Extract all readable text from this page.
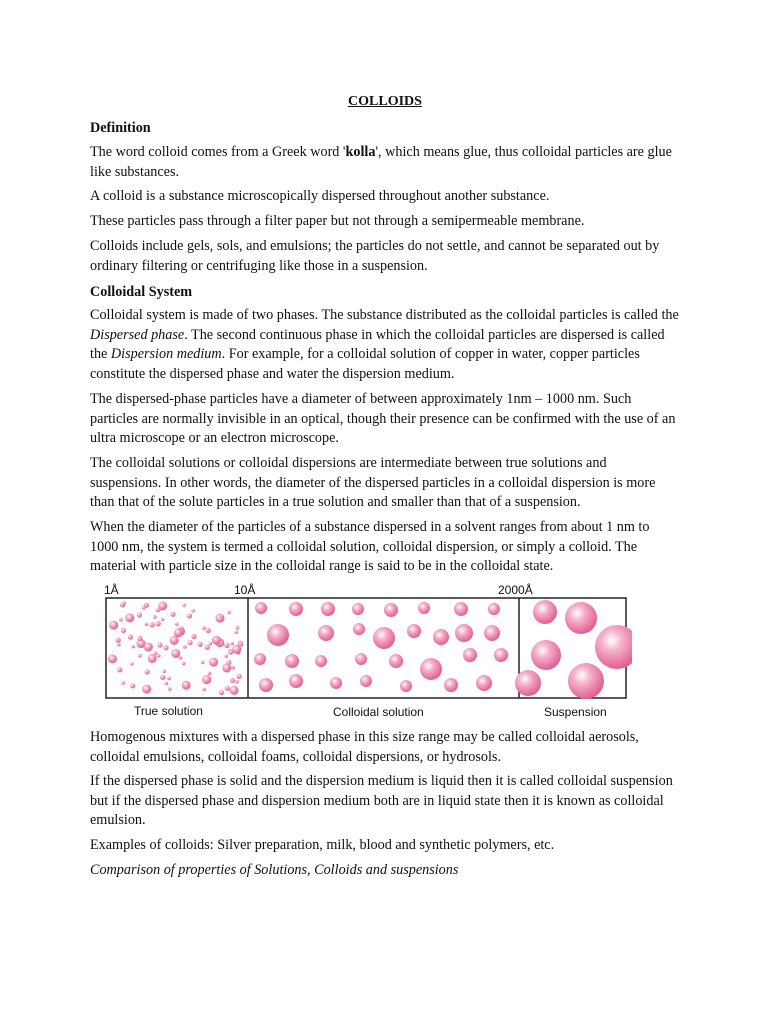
COLLOIDS
Definition

The word colloid comes from a Greek word 'kolla', which means glue, thus colloidal particles are glue like substances.

A colloid is a substance microscopically dispersed throughout another substance.

These particles pass through a filter paper but not through a semipermeable membrane.

Colloids include gels, sols, and emulsions; the particles do not settle, and cannot be separated out by ordinary filtering or centrifuging like those in a suspension.

Colloidal System

Colloidal system is made of two phases. The substance distributed as the colloidal particles is called the Dispersed phase. The second continuous phase in which the colloidal particles are dispersed is called the Dispersion medium. For example, for a colloidal solution of copper in water, copper particles constitute the dispersed phase and water the dispersion medium.

The dispersed-phase particles have a diameter of between approximately 1nm – 1000 nm. Such particles are normally invisible in an optical, though their presence can be confirmed with the use of an ultra microscope or an electron microscope.

The colloidal solutions or colloidal dispersions are intermediate between true solutions and suspensions. In other words, the diameter of the dispersed particles in a colloidal dispersion is more than that of the solute particles in a true solution and smaller than that of a suspension.

When the diameter of the particles of a substance dispersed in a solvent ranges from about 1 nm to 1000 nm, the system is termed a colloidal solution, colloidal dispersion, or simply a colloid. The material with particle size in the colloidal range is said to be in the colloidal state.

Homogenous mixtures with a dispersed phase in this size range may be called colloidal aerosols, colloidal emulsions, colloidal foams, colloidal dispersions, or hydrosols.

If the dispersed phase is solid and the dispersion medium is liquid then it is called colloidal suspension but if the dispersed phase and dispersion medium both are in liquid state then it is known as colloidal emulsion.

Examples of colloids: Silver preparation, milk, blood and synthetic polymers, etc.

Comparison of properties of Solutions, Colloids and suspensions

1Å	10Å	2000Å
True solution	Colloidal solution	Suspension
